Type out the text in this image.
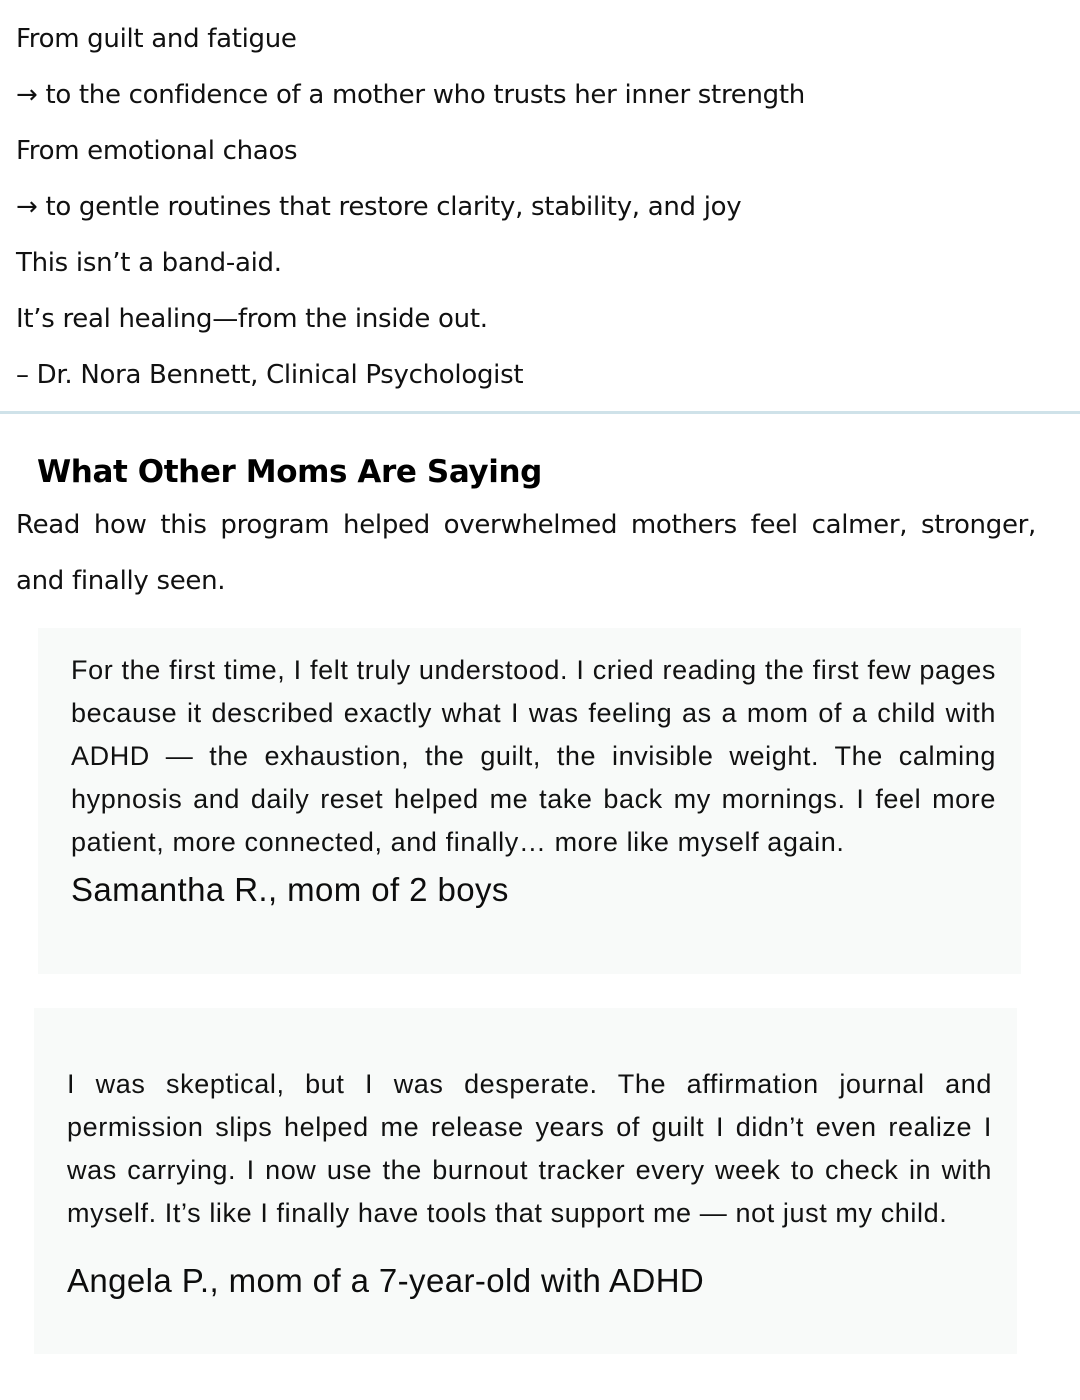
From guilt and fatigue

→ to the confidence of a mother who trusts her inner strength

From emotional chaos

→ to gentle routines that restore clarity, stability, and joy

This isn’t a band-aid.

It’s real healing—from the inside out.

– Dr. Nora Bennett, Clinical Psychologist

What Other Moms Are Saying

Read how this program helped overwhelmed mothers feel calmer, stronger, and finally seen.

For the first time, I felt truly understood. I cried reading the first few pages because it described exactly what I was feeling as a mom of a child with ADHD — the exhaustion, the guilt, the invisible weight. The calming hypnosis and daily reset helped me take back my mornings. I feel more patient, more connected, and finally… more like myself again.

Samantha R., mom of 2 boys

I was skeptical, but I was desperate. The affirmation journal and permission slips helped me release years of guilt I didn’t even realize I was carrying. I now use the burnout tracker every week to check in with myself. It’s like I finally have tools that support me — not just my child.

Angela P., mom of a 7-year-old with ADHD
